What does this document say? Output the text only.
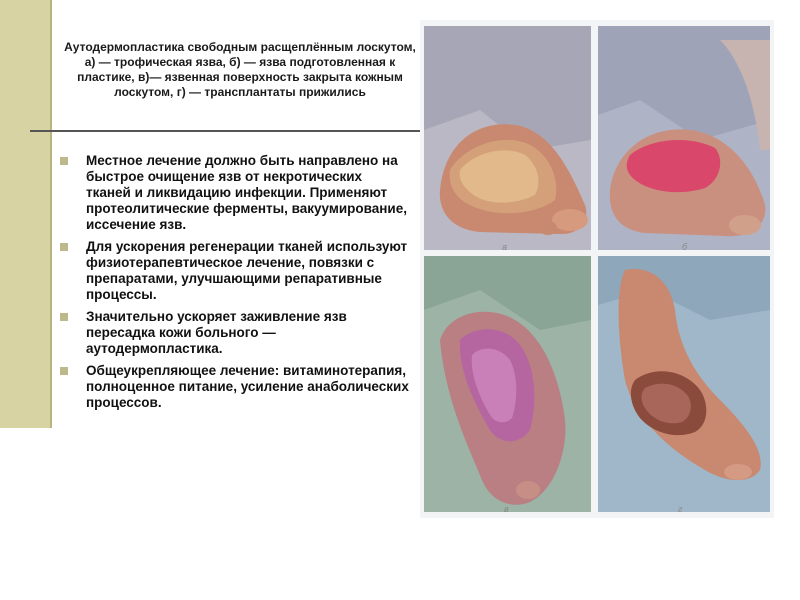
Аутодермопластика свободным расщеплённым лоскутом, а) — трофическая язва, б) — язва подготовленная к пластике, в)— язвенная поверхность закрыта кожным лоскутом, г) — трансплантаты прижились
Местное лечение должно быть направлено на быстрое очищение язв от некротических тканей и ликвидацию инфекции. Применяют протеолитические ферменты, вакуумирование, иссечение язв.
Для ускорения регенерации тканей используют физиотерапевтическое лечение, повязки с препаратами, улучшающими репаративные процессы.
Значительно ускоряет заживление язв пересадка кожи больного — аутодермопластика.
Общеукрепляющее лечение: витаминотерапия, полноценное питание, усиление анаболических процессов.
а	б
в	г
